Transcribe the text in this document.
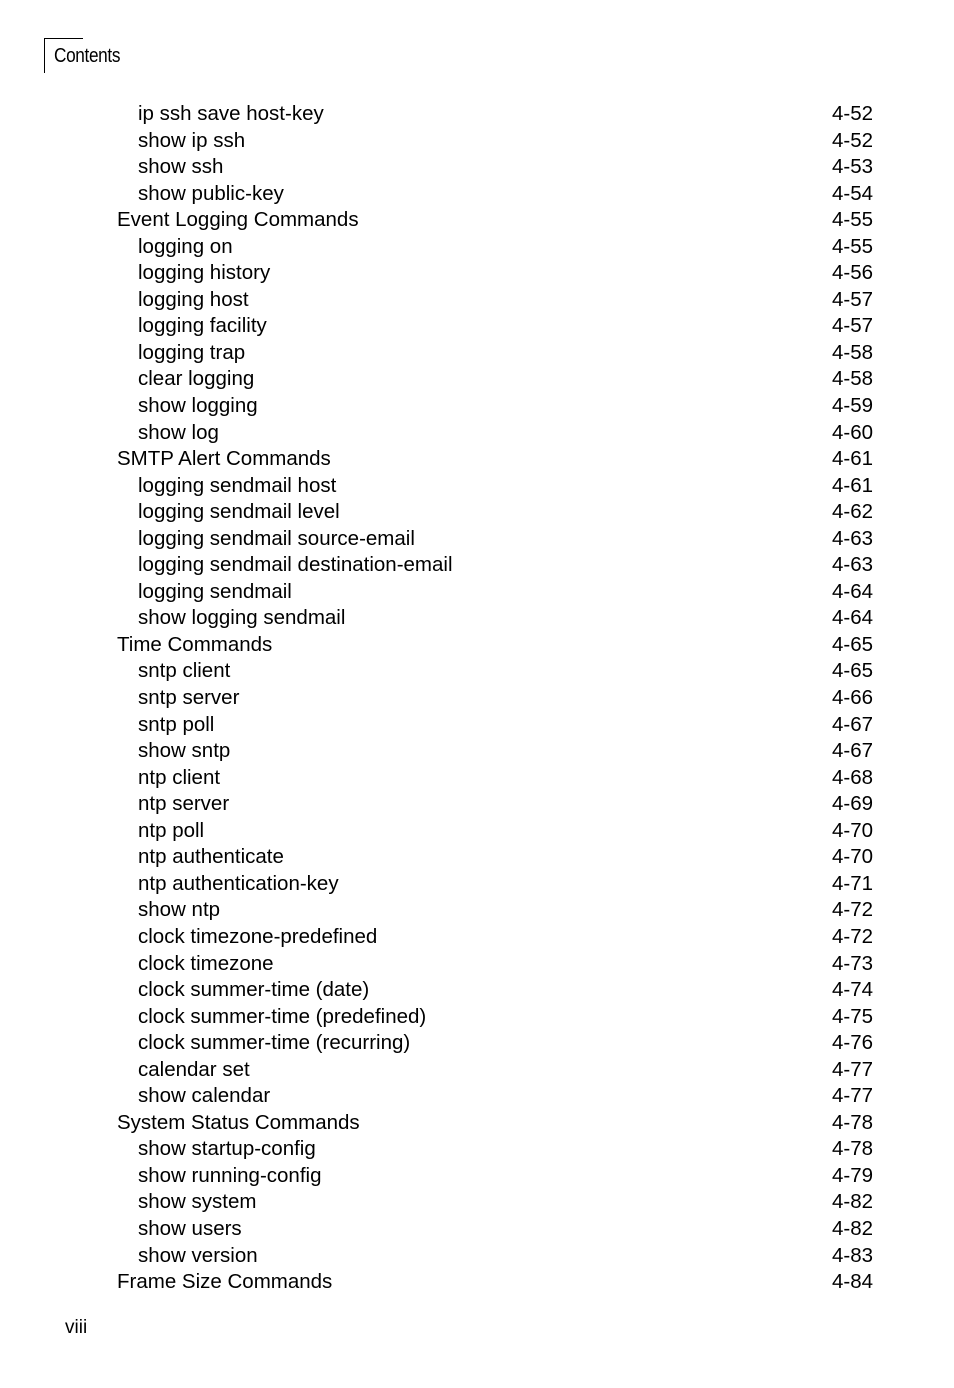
Contents
ip ssh save host-key	4-52
show ip ssh	4-52
show ssh	4-53
show public-key	4-54
Event Logging Commands	4-55
logging on	4-55
logging history	4-56
logging host	4-57
logging facility	4-57
logging trap	4-58
clear logging	4-58
show logging	4-59
show log	4-60
SMTP Alert Commands	4-61
logging sendmail host	4-61
logging sendmail level	4-62
logging sendmail source-email	4-63
logging sendmail destination-email	4-63
logging sendmail	4-64
show logging sendmail	4-64
Time Commands	4-65
sntp client	4-65
sntp server	4-66
sntp poll	4-67
show sntp	4-67
ntp client	4-68
ntp server	4-69
ntp poll	4-70
ntp authenticate	4-70
ntp authentication-key	4-71
show ntp	4-72
clock timezone-predefined	4-72
clock timezone	4-73
clock summer-time (date)	4-74
clock summer-time (predefined)	4-75
clock summer-time (recurring)	4-76
calendar set	4-77
show calendar	4-77
System Status Commands	4-78
show startup-config	4-78
show running-config	4-79
show system	4-82
show users	4-82
show version	4-83
Frame Size Commands	4-84
viii
